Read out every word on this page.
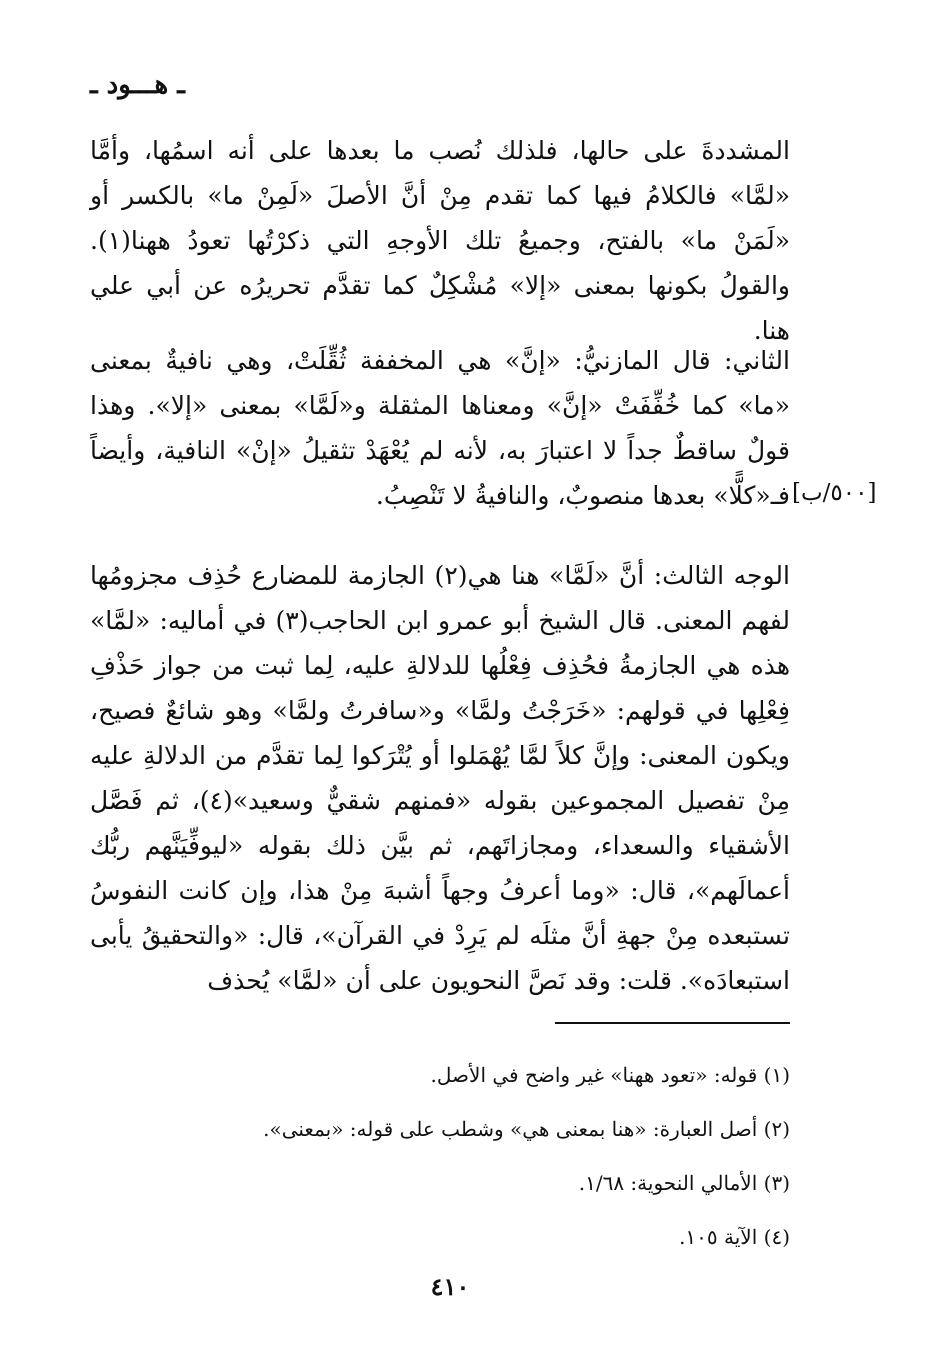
ـ هـــود ـ

المشددةَ على حالها، فلذلك نُصب ما بعدها على أنه اسمُها، وأمَّا «لمَّا» فالكلامُ فيها كما تقدم مِنْ أنَّ الأصلَ «لَمِنْ ما» بالكسر أو «لَمَنْ ما» بالفتح، وجميعُ تلك الأوجهِ التي ذكرْتُها تعودُ ههنا(١). والقولُ بكونها بمعنى «إلا» مُشْكِلٌ كما تقدَّم تحريرُه عن أبي علي هنا.

الثاني: قال المازنيُّ: «إنَّ» هي المخففة ثُقِّلَتْ، وهي نافيةٌ بمعنى «ما» كما خُفِّفَتْ «إنَّ» ومعناها المثقلة و«لَمَّا» بمعنى «إلا». وهذا قولٌ ساقطٌ جداً لا اعتبارَ به، لأنه لم يُعْهَدْ تثقيلُ «إنْ» النافية، وأيضاً فـ«كلًّا» بعدها منصوبٌ، والنافيةُ لا تَنْصِبُ. [٥٠٠/ب]

الوجه الثالث: أنَّ «لَمَّا» هنا هي(٢) الجازمة للمضارع حُذِف مجزومُها لفهم المعنى. قال الشيخ أبو عمرو ابن الحاجب(٣) في أماليه: «لمَّا» هذه هي الجازمةُ فحُذِف فِعْلُها للدلالةِ عليه، لِما ثبت من جواز حَذْفِ فِعْلِها في قولهم: «خَرَجْتُ ولمَّا» و«سافرتُ ولمَّا» وهو شائعٌ فصيح، ويكون المعنى: وإنَّ كلاً لمَّا يُهْمَلوا أو يُتْرَكوا لِما تقدَّم من الدلالةِ عليه مِنْ تفصيل المجموعين بقوله «فمنهم شقيٌّ وسعيد»(٤)، ثم فَصَّل الأشقياء والسعداء، ومجازاتَهم، ثم بيَّن ذلك بقوله «ليوفِّيَنَّهم ربُّك أعمالَهم»، قال: «وما أعرفُ وجهاً أشبهَ مِنْ هذا، وإن كانت النفوسُ تستبعده مِنْ جهةِ أنَّ مثلَه لم يَرِدْ في القرآن»، قال: «والتحقيقُ يأبى استبعادَه». قلت: وقد نَصَّ النحويون على أن «لمَّا» يُحذف

(١) قوله: «تعود ههنا» غير واضح في الأصل.

(٢) أصل العبارة: «هنا بمعنى هي» وشطب على قوله: «بمعنى».

(٣) الأمالي النحوية: ١/٦٨.

(٤) الآية ١٠٥.

٤١٠
